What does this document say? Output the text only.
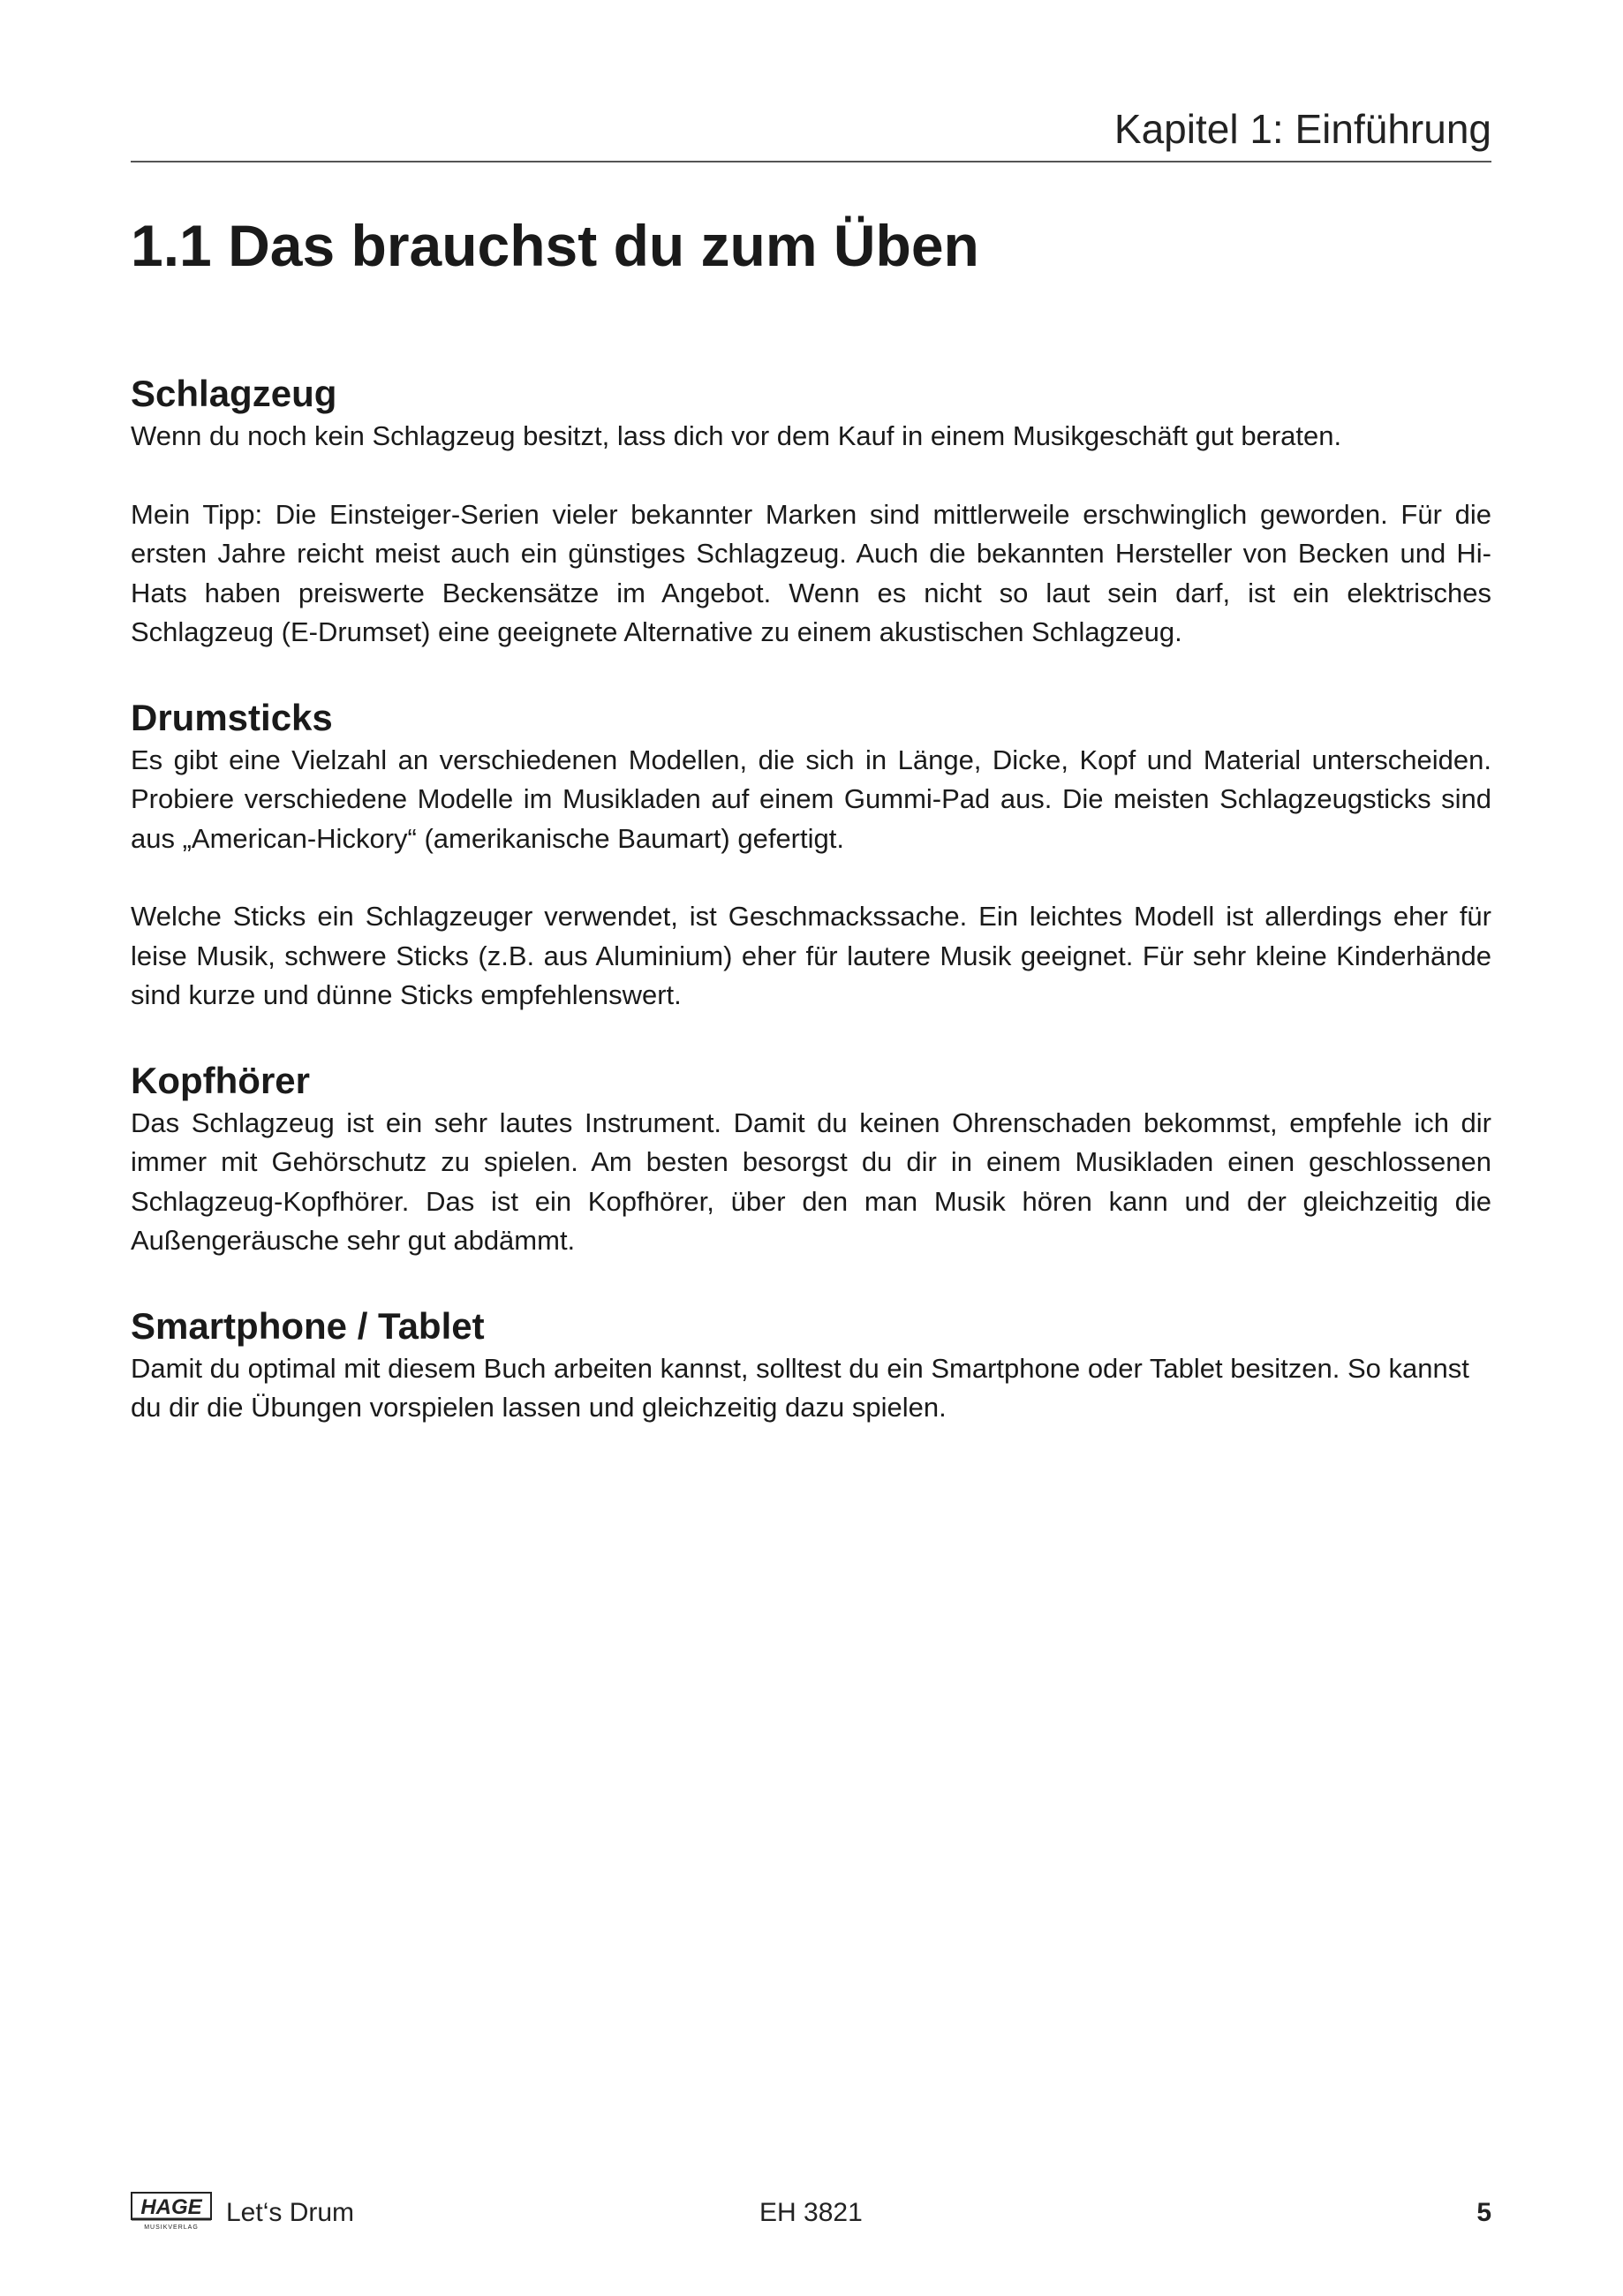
Kapitel 1: Einführung
1.1 Das brauchst du zum Üben
Schlagzeug

Wenn du noch kein Schlagzeug besitzt, lass dich vor dem Kauf in einem Musikgeschäft gut beraten.

Mein Tipp: Die Einsteiger-Serien vieler bekannter Marken sind mittlerweile erschwinglich geworden. Für die ersten Jahre reicht meist auch ein günstiges Schlagzeug. Auch die bekannten Hersteller von Becken und Hi-Hats haben preiswerte Beckensätze im Angebot. Wenn es nicht so laut sein darf, ist ein elektrisches Schlagzeug (E-Drumset) eine geeignete Alternative zu einem akustischen Schlagzeug.

Drumsticks

Es gibt eine Vielzahl an verschiedenen Modellen, die sich in Länge, Dicke, Kopf und Material unterscheiden. Probiere verschiedene Modelle im Musikladen auf einem Gummi-Pad aus. Die meisten Schlagzeugsticks sind aus „American-Hickory“ (amerikanische Baumart) gefertigt.

Welche Sticks ein Schlagzeuger verwendet, ist Geschmackssache. Ein leichtes Modell ist allerdings eher für leise Musik, schwere Sticks (z.B. aus Aluminium) eher für lautere Musik geeignet. Für sehr kleine Kinderhände sind kurze und dünne Sticks empfehlenswert.

Kopfhörer

Das Schlagzeug ist ein sehr lautes Instrument. Damit du keinen Ohrenschaden bekommst, empfehle ich dir immer mit Gehörschutz zu spielen. Am besten besorgst du dir in einem Musikladen einen geschlossenen Schlagzeug-Kopfhörer. Das ist ein Kopfhörer, über den man Musik hören kann und der gleichzeitig die Außengeräusche sehr gut abdämmt.

Smartphone / Tablet

Damit du optimal mit diesem Buch arbeiten kannst, solltest du ein Smartphone oder Tablet besitzen. So kannst du dir die Übungen vorspielen lassen und gleichzeitig dazu spielen.

HAGE
MUSIKVERLAG
Let‘s Drum	EH 3821	5
